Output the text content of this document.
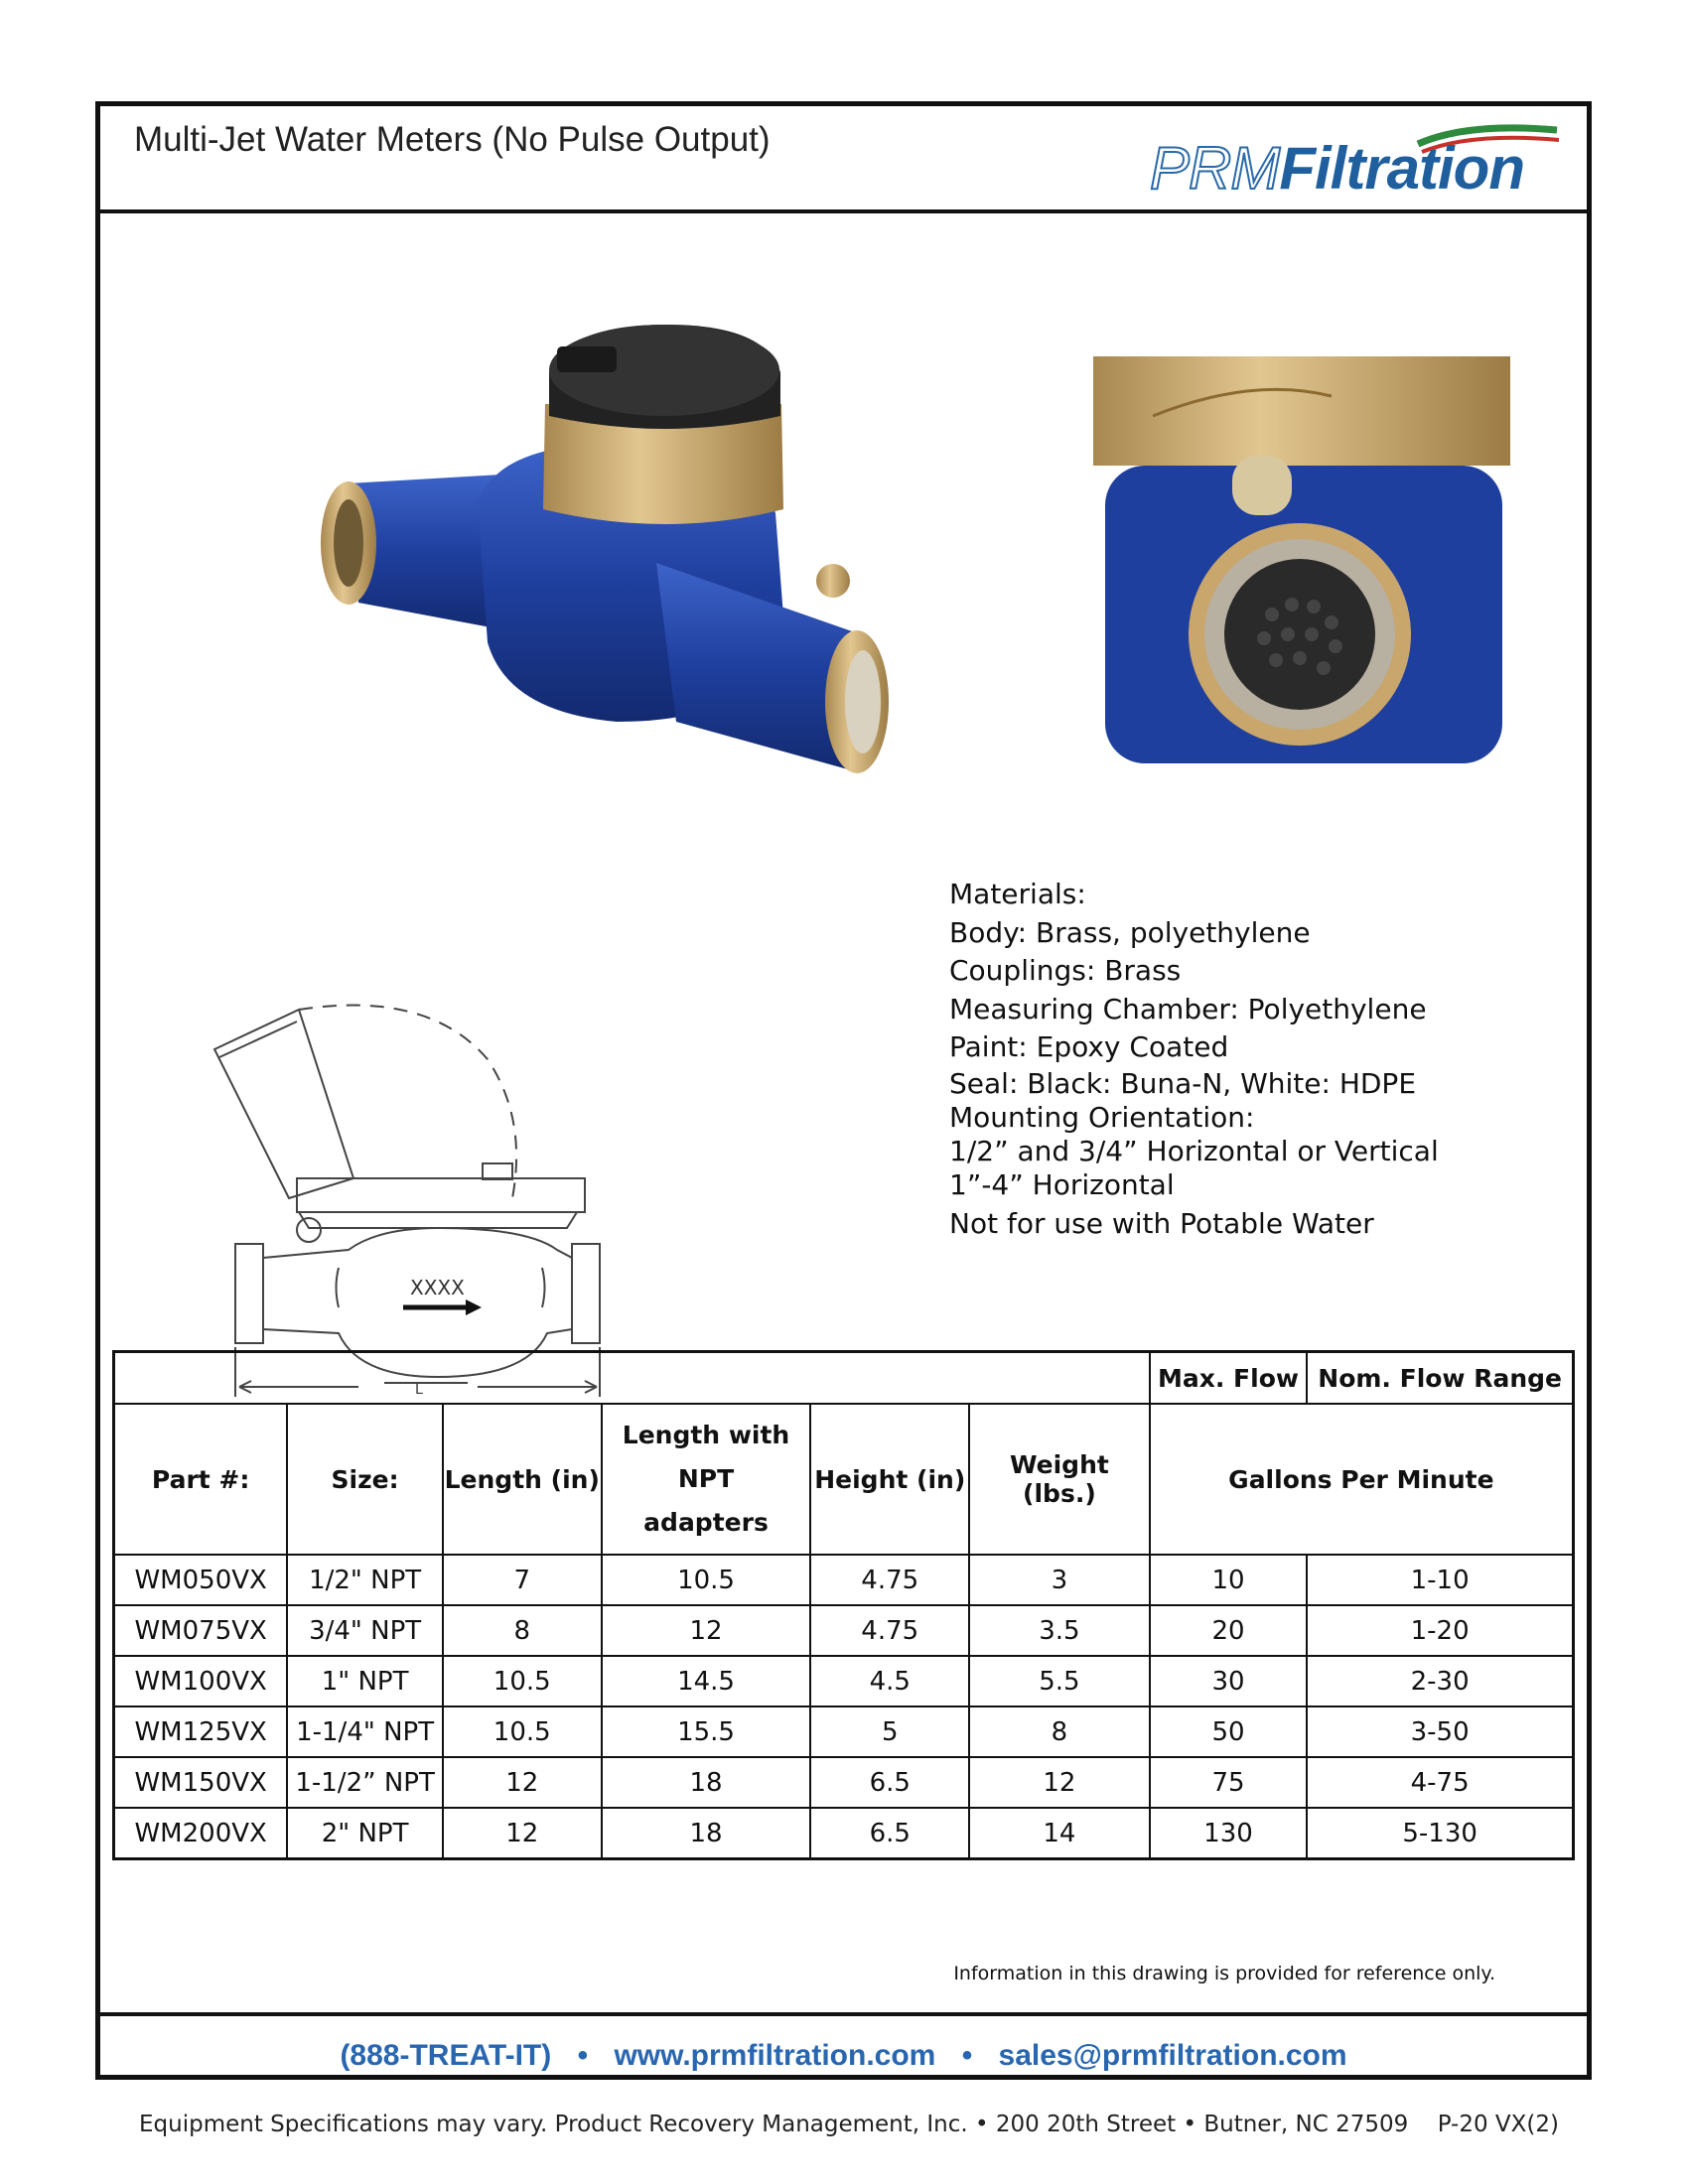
Multi-Jet Water Meters (No Pulse Output)	PRMFiltration
XXXX
L
Materials:
Body: Brass, polyethylene
Couplings: Brass
Measuring Chamber: Polyethylene
Paint: Epoxy Coated
Seal: Black: Buna-N, White: HDPE
Mounting Orientation:
1/2” and 3/4” Horizontal or Vertical
1”-4” Horizontal
Not for use with Potable Water
						Max. Flow	Nom. Flow Range
Part #:	Size:	Length (in)	Length with NPT adapters	Height (in)	Weight (lbs.)	Gallons Per Minute	
WM050VX	1/2" NPT	7	10.5	4.75	3	10	1-10
WM075VX	3/4" NPT	8	12	4.75	3.5	20	1-20
WM100VX	1" NPT	10.5	14.5	4.5	5.5	30	2-30
WM125VX	1-1/4" NPT	10.5	15.5	5	8	50	3-50
WM150VX	1-1/2” NPT	12	18	6.5	12	75	4-75
WM200VX	2" NPT	12	18	6.5	14	130	5-130
Information in this drawing is provided for reference only.
(888-TREAT-IT) • www.prmfiltration.com • sales@prmfiltration.com
Equipment Specifications may vary. Product Recovery Management, Inc. • 200 20th Street • Butner, NC 27509 P-20 VX(2)
